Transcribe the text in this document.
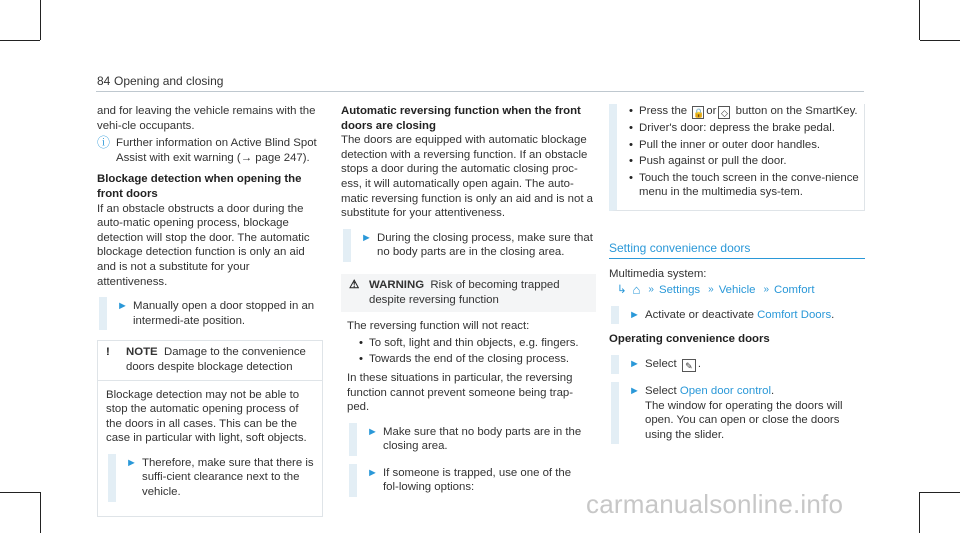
84 Opening and closing

and for leaving the vehicle remains with the vehi-cle occupants.

ⓘ Further information on Active Blind Spot Assist with exit warning (→ page 247).

Blockage detection when opening the front doors

If an obstacle obstructs a door during the auto-matic opening process, blockage detection will stop the door. The automatic blockage detection function is only an aid and is not a substitute for your attentiveness.

► Manually open a door stopped in an intermedi-ate position.
!	NOTE Damage to the convenience doors despite blockage detection

Blockage detection may not be able to stop the automatic opening process of the doors in all cases. This can be the case in particular with light, soft objects.

► Therefore, make sure that there is suffi-cient clearance next to the vehicle.

Automatic reversing function when the front doors are closing

The doors are equipped with automatic blockage detection with a reversing function. If an obstacle stops a door during the automatic closing proc-ess, it will automatically open again. The auto-matic reversing function is only an aid and is not a substitute for your attentiveness.

► During the closing process, make sure that no body parts are in the closing area.
⚠ WARNING Risk of becoming trapped despite reversing function

The reversing function will not react:

• To soft, light and thin objects, e.g. fingers.
• Towards the end of the closing process.

In these situations in particular, the reversing function cannot prevent someone being trap-ped.

► Make sure that no body parts are in the closing area.
► If someone is trapped, use one of the fol-lowing options:
• Press the 🔒 or ◇ button on the SmartKey.
• Driver's door: depress the brake pedal.
• Pull the inner or outer door handles.
• Push against or pull the door.
• Touch the touch screen in the conve-nience menu in the multimedia sys-tem.
Setting convenience doors

Multimedia system:

↳ ⌂ » Settings » Vehicle » Comfort
► Activate or deactivate Comfort Doors.

Operating convenience doors

► Select ✎ .
► Select Open door control.
The window for operating the doors will open. You can open or close the doors using the slider.
carmanualsonline.info
